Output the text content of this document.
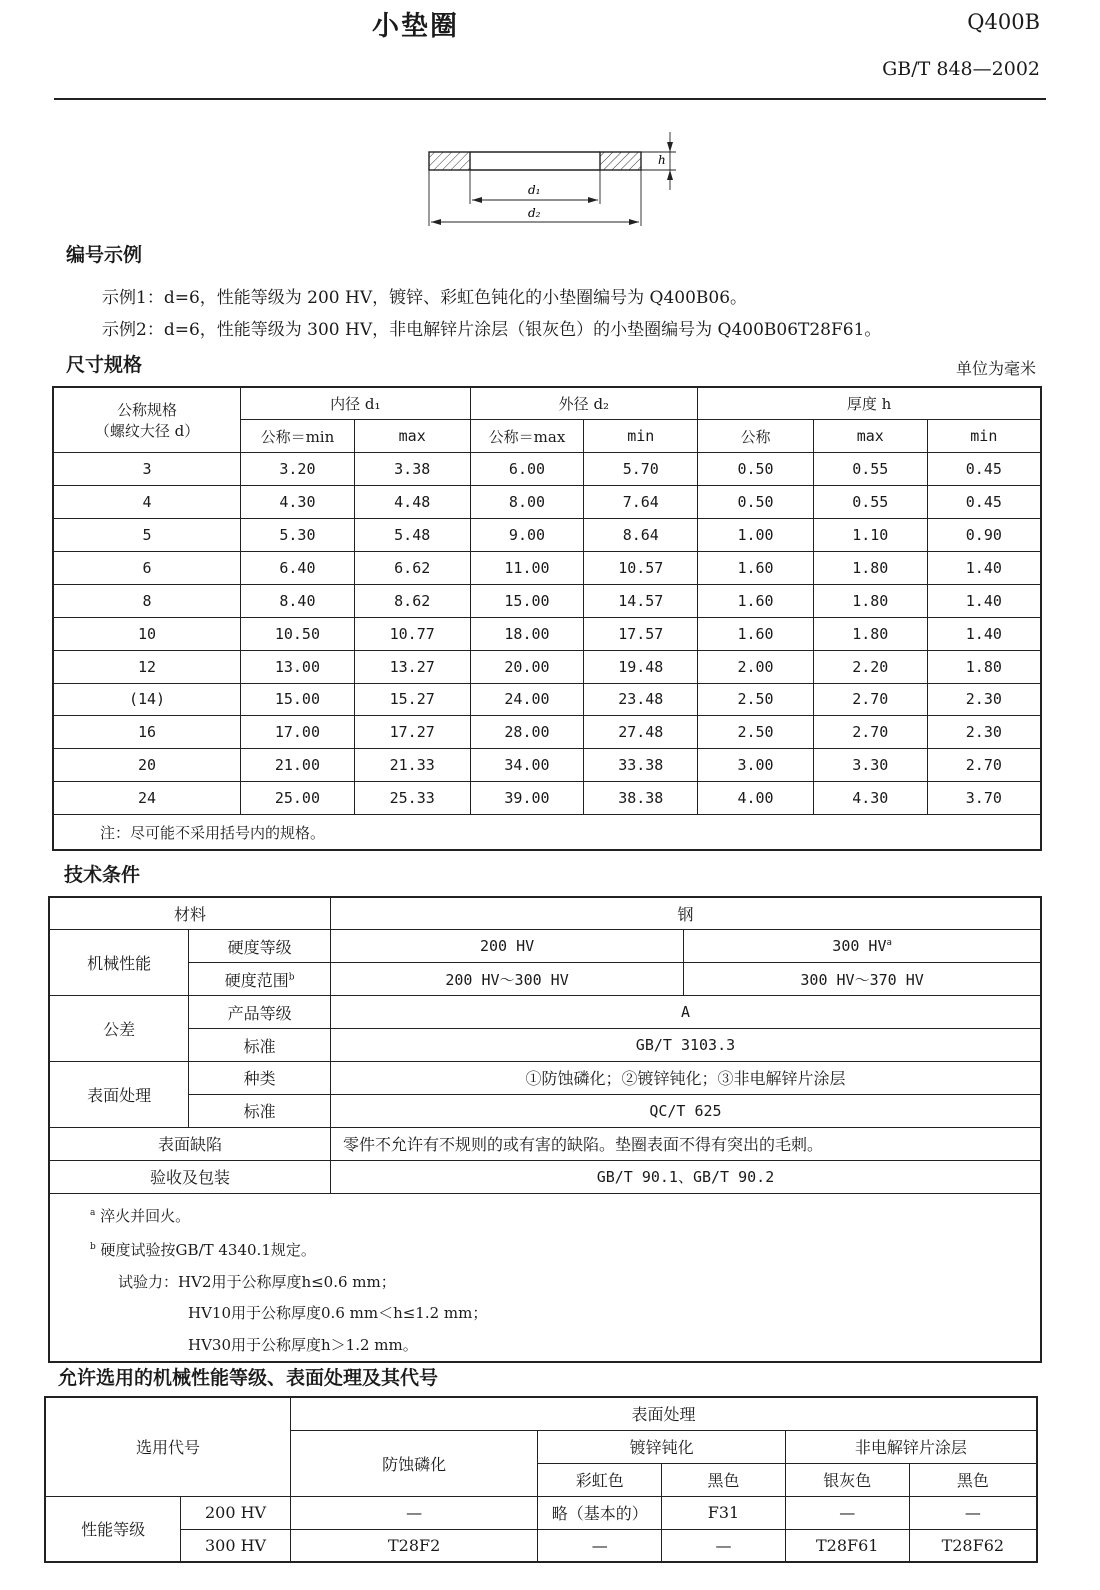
小垫圈	Q400B
GB/T 848—2002
h
d₁
d₂
编号示例
示例1：d=6，性能等级为 200 HV，镀锌、彩虹色钝化的小垫圈编号为 Q400B06。
示例2：d=6，性能等级为 300 HV，非电解锌片涂层（银灰色）的小垫圈编号为 Q400B06T28F61。
尺寸规格	单位为毫米
公称规格
（螺纹大径 d）	内径 d₁		外径 d₂		厚度 h		
	公称＝min	max	公称＝max	min	公称	max	min
3	3.20	3.38	6.00	5.70	0.50	0.55	0.45
4	4.30	4.48	8.00	7.64	0.50	0.55	0.45
5	5.30	5.48	9.00	8.64	1.00	1.10	0.90
6	6.40	6.62	11.00	10.57	1.60	1.80	1.40
8	8.40	8.62	15.00	14.57	1.60	1.80	1.40
10	10.50	10.77	18.00	17.57	1.60	1.80	1.40
12	13.00	13.27	20.00	19.48	2.00	2.20	1.80
(14)	15.00	15.27	24.00	23.48	2.50	2.70	2.30
16	17.00	17.27	28.00	27.48	2.50	2.70	2.30
20	21.00	21.33	34.00	33.38	3.00	3.30	2.70
24	25.00	25.33	39.00	38.38	4.00	4.30	3.70
注：尽可能不采用括号内的规格。							
技术条件
材料		钢	
机械性能	硬度等级	200 HV	300 $HV^a$
	硬度范围$^b$	200 HV～300 HV	300 HV～370 HV
公差	产品等级	A	
	标准	GB/T 3103.3	
表面处理	种类	①防蚀磷化；②镀锌钝化；③非电解锌片涂层	
	标准	QC/T 625	
表面缺陷		零件不允许有不规则的或有害的缺陷。垫圈表面不得有突出的毛刺。	
验收及包装		GB/T 90.1、GB/T 90.2	

$^a$ 淬火并回火。
$^b$ 硬度试验按GB/T 4340.1规定。
试验力：HV2用于公称厚度h≤0.6 mm；
HV10用于公称厚度0.6 mm＜h≤1.2 mm；
HV30用于公称厚度h＞1.2 mm。			
允许选用的机械性能等级、表面处理及其代号
选用代号		表面处理				
		防蚀磷化	镀锌钝化		非电解锌片涂层	
			彩虹色	黑色	银灰色	黑色
性能等级	200 HV	—	略（基本的）	F31	—	—
	300 HV	T28F2	—	—	T28F61	T28F62
